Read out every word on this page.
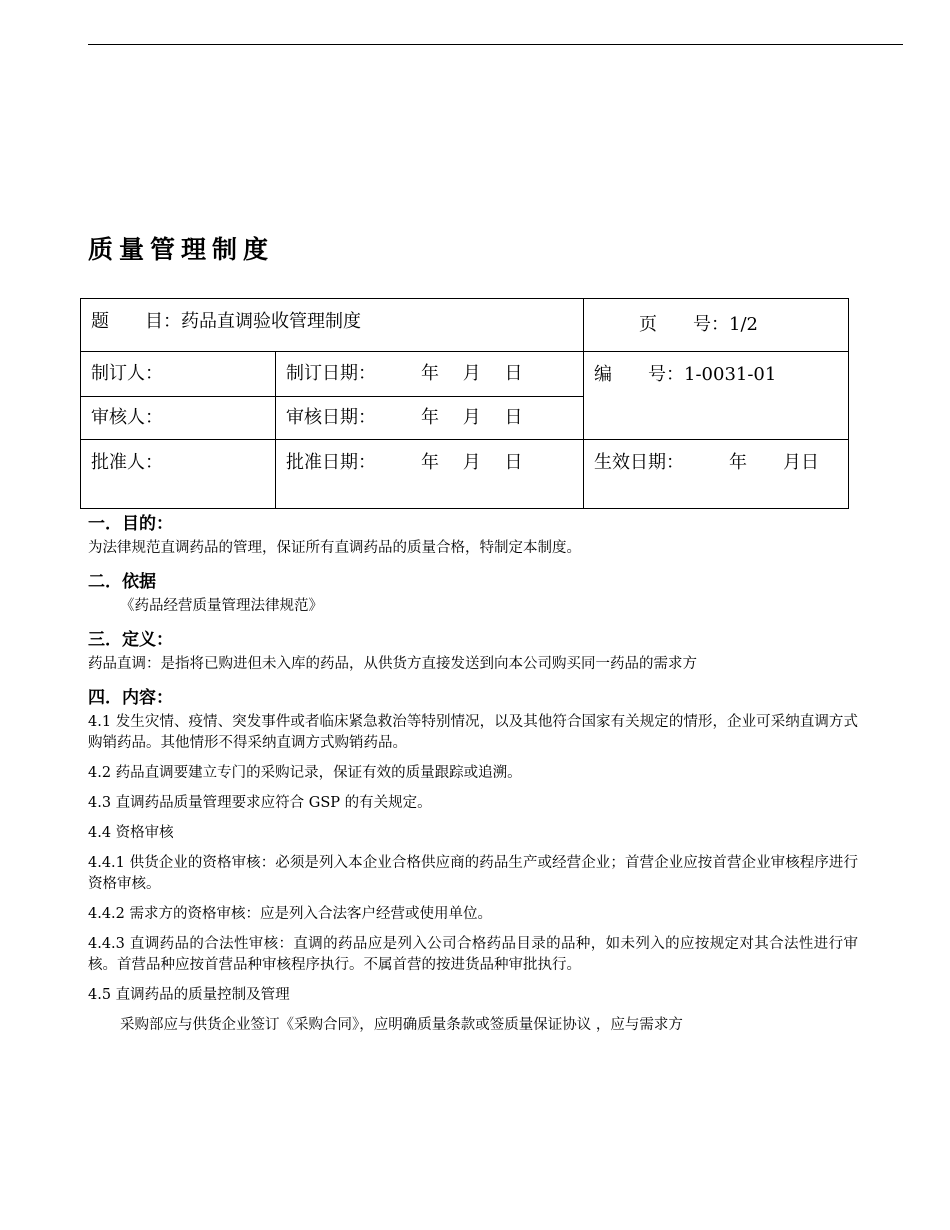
质量管理制度
题　　目：药品直调验收管理制度		页　　号：1/2
制订人：	制订日期：　　　年　 月　 日	编　　号：1-0031-01
审核人：	审核日期：　　　年　 月　 日	
批准人：	批准日期：　　　年　 月　 日	生效日期：　　　年　　月日

一．目的：

为法律规范直调药品的管理，保证所有直调药品的质量合格，特制定本制度。

二．依据

《药品经营质量管理法律规范》

三．定义：

药品直调：是指将已购进但未入库的药品，从供货方直接发送到向本公司购买同一药品的需求方

四．内容：

4.1 发生灾情、疫情、突发事件或者临床紧急救治等特别情况，以及其他符合国家有关规定的情形，企业可采纳直调方式购销药品。其他情形不得采纳直调方式购销药品。

4.2 药品直调要建立专门的采购记录，保证有效的质量跟踪或追溯。

4.3 直调药品质量管理要求应符合 GSP 的有关规定。

4.4 资格审核

4.4.1 供货企业的资格审核：必须是列入本企业合格供应商的药品生产或经营企业；首营企业应按首营企业审核程序进行资格审核。

4.4.2 需求方的资格审核：应是列入合法客户经营或使用单位。

4.4.3 直调药品的合法性审核：直调的药品应是列入公司合格药品目录的品种，如未列入的应按规定对其合法性进行审核。首营品种应按首营品种审核程序执行。不属首营的按进货品种审批执行。

4.5 直调药品的质量控制及管理

采购部应与供货企业签订《采购合同》，应明确质量条款或签质量保证协议 ，应与需求方
